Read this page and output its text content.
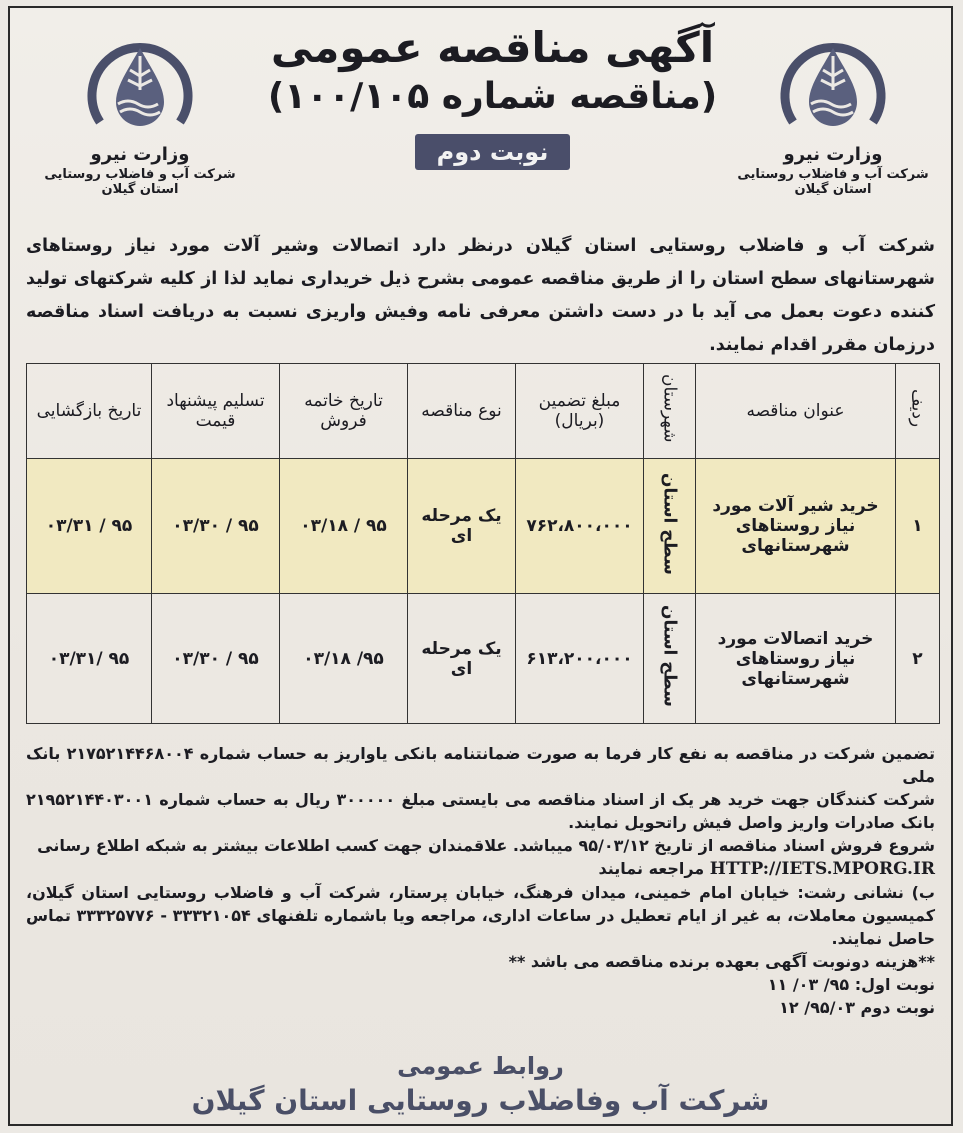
وزارت نیرو
شرکت آب و فاضلاب روستایی استان گیلان
وزارت نیرو
شرکت آب و فاضلاب روستایی استان گیلان
آگهی مناقصه عمومی
(مناقصه شماره ۱۰۰/۱۰۵)
نوبت دوم
شرکت آب و فاضلاب روستایی استان گیلان درنظر دارد اتصالات وشیر آلات مورد نیاز روستاهای شهرستانهای سطح استان را از طریق مناقصه عمومی بشرح ذیل خریداری نماید لذا از کلیه شرکتهای تولید کننده دعوت بعمل می آید با در دست داشتن معرفی نامه وفیش واریزی نسبت به دریافت اسناد مناقصه درزمان مقرر اقدام نمایند.
ردیف	عنوان مناقصه	شهرستان	مبلغ تضمین (بریال)	نوع مناقصه	تاریخ خاتمه فروش	تسلیم پیشنهاد قیمت	تاریخ بازگشایی
۱	خرید شیر آلات مورد نیاز روستاهای شهرستانهای	سطح استان	۷۶۲،۸۰۰،۰۰۰	یک مرحله ای	۹۵ / ۰۳/۱۸	۹۵ / ۰۳/۳۰	۹۵ / ۰۳/۳۱
۲	خرید اتصالات مورد نیاز روستاهای شهرستانهای	سطح استان	۶۱۳،۲۰۰،۰۰۰	یک مرحله ای	۹۵/ ۰۳/۱۸	۹۵ / ۰۳/۳۰	۹۵ /۰۳/۳۱

تضمین شرکت در مناقصه به نفع کار فرما به صورت ضمانتنامه بانکی یاواریز به حساب شماره ۲۱۷۵۲۱۴۴۶۸۰۰۴ بانک ملی

شرکت کنندگان جهت خرید هر یک از اسناد مناقصه می بایستی مبلغ ۳۰۰۰۰۰ ریال به حساب شماره ۲۱۹۵۲۱۴۴۰۳۰۰۱ بانک صادرات واریز واصل فیش راتحویل نمایند.

شروع فروش اسناد مناقصه از تاریخ ۹۵/۰۳/۱۲ میباشد. علاقمندان جهت کسب اطلاعات بیشتر به شبکه اطلاع رسانی

HTTP://IETS.MPORG.IR مراجعه نمایند

ب) نشانی رشت: خیابان امام خمینی، میدان فرهنگ، خیابان پرستار، شرکت آب و فاضلاب روستایی استان گیلان، کمیسیون معاملات، به غیر از ایام تعطیل در ساعات اداری، مراجعه ویا باشماره تلفنهای ۳۳۳۲۱۰۵۴ - ۳۳۳۲۵۷۷۶ تماس حاصل نمایند.

**هزینه دونوبت آگهی بعهده برنده مناقصه می باشد **

نوبت اول: ۹۵/ ۰۳/ ۱۱

نوبت دوم ۹۵/۰۳/ ۱۲

روابط عمومی
شرکت آب وفاضلاب روستایی استان گیلان
